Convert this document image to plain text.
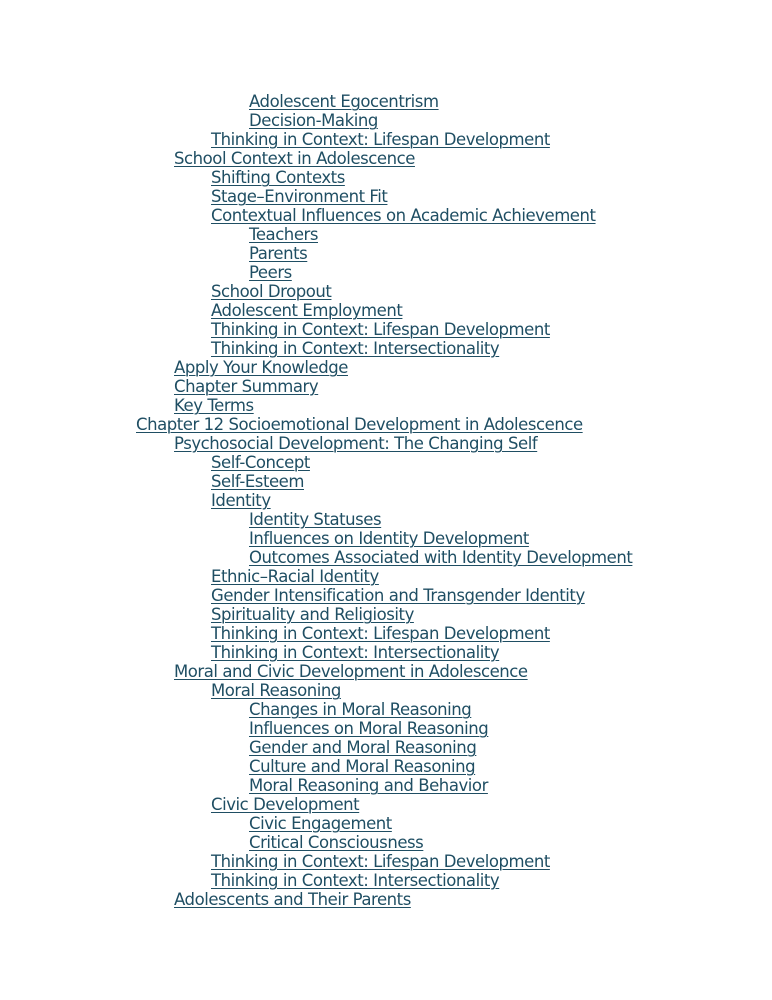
Adolescent Egocentrism
Decision-Making
Thinking in Context: Lifespan Development
School Context in Adolescence
Shifting Contexts
Stage–Environment Fit
Contextual Influences on Academic Achievement
Teachers
Parents
Peers
School Dropout
Adolescent Employment
Thinking in Context: Lifespan Development
Thinking in Context: Intersectionality
Apply Your Knowledge
Chapter Summary
Key Terms
Chapter 12 Socioemotional Development in Adolescence
Psychosocial Development: The Changing Self
Self-Concept
Self-Esteem
Identity
Identity Statuses
Influences on Identity Development
Outcomes Associated with Identity Development
Ethnic–Racial Identity
Gender Intensification and Transgender Identity
Spirituality and Religiosity
Thinking in Context: Lifespan Development
Thinking in Context: Intersectionality
Moral and Civic Development in Adolescence
Moral Reasoning
Changes in Moral Reasoning
Influences on Moral Reasoning
Gender and Moral Reasoning
Culture and Moral Reasoning
Moral Reasoning and Behavior
Civic Development
Civic Engagement
Critical Consciousness
Thinking in Context: Lifespan Development
Thinking in Context: Intersectionality
Adolescents and Their Parents
